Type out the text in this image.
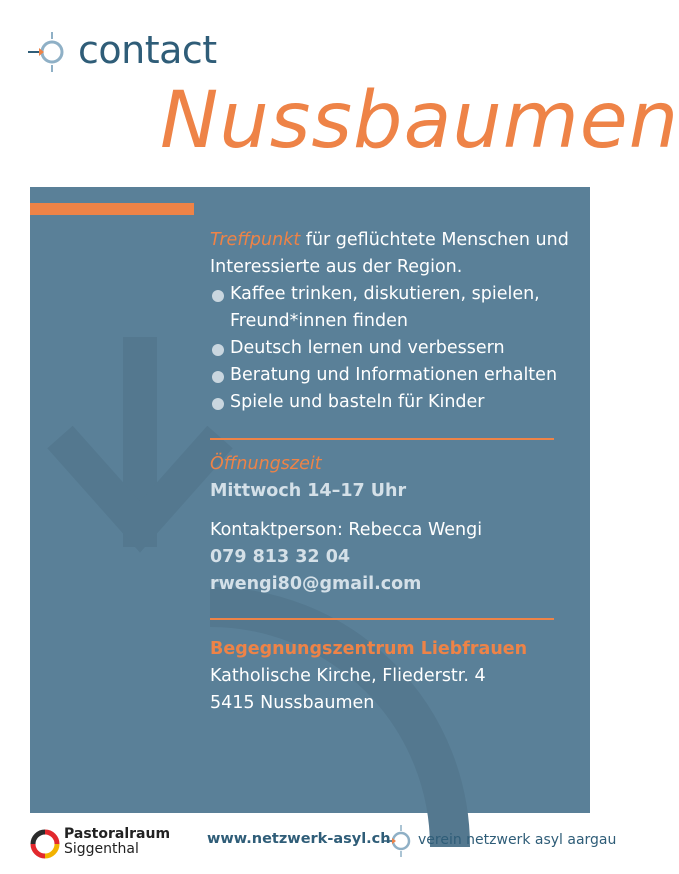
contact
Nussbaumen

Treffpunkt für geflüchtete Menschen und Interessierte aus der Region.

Kaffee trinken, diskutieren, spielen, Freund*innen finden
Deutsch lernen und verbessern
Beratung und Informationen erhalten
Spiele und basteln für Kinder
Öffnungszeit
Mittwoch 14–17 Uhr
Kontaktperson: Rebecca Wengi
079 813 32 04
rwengi80@gmail.com
Begegnungszentrum Liebfrauen
Katholische Kirche, Fliederstr. 4
5415 Nussbaumen
Pastoralraum
Siggenthal
www.netzwerk-asyl.ch verein netzwerk asyl aargau
